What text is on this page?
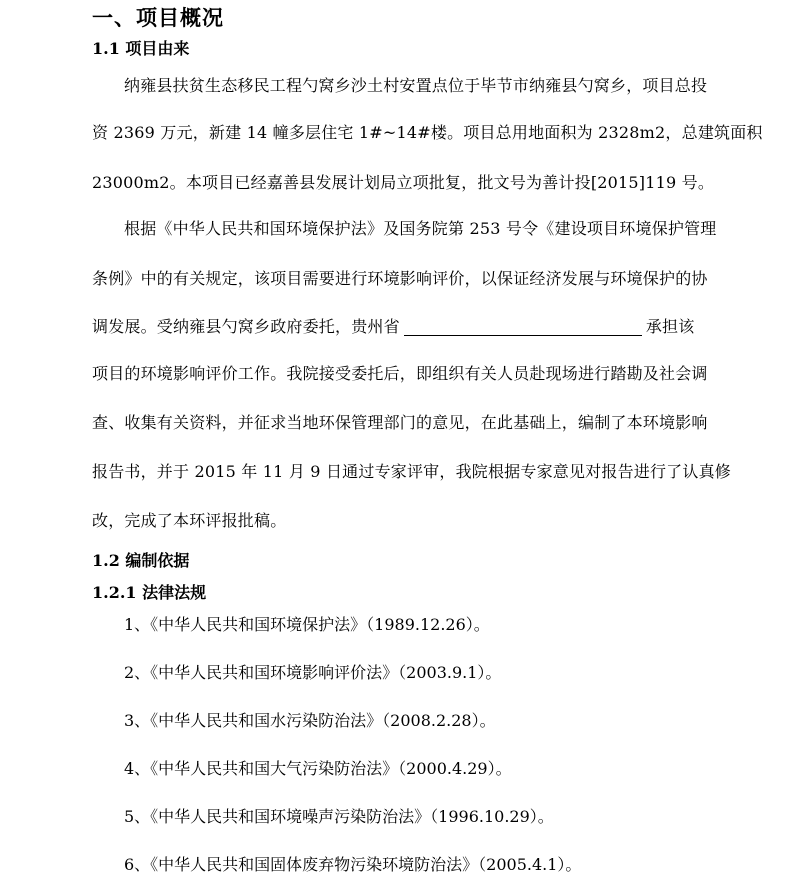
一、项目概况
1.1 项目由来
纳雍县扶贫生态移民工程勺窝乡沙土村安置点位于毕节市纳雍县勺窝乡，项目总投
资 2369 万元，新建 14 幢多层住宅 1#~14#楼。项目总用地面积为 2328m2，总建筑面积
23000m2。本项目已经嘉善县发展计划局立项批复，批文号为善计投[2015]119 号。
根据《中华人民共和国环境保护法》及国务院第 253 号令《建设项目环境保护管理
条例》中的有关规定，该项目需要进行环境影响评价，以保证经济发展与环境保护的协
调发展。受纳雍县勺窝乡政府委托，贵州省	承担该
项目的环境影响评价工作。我院接受委托后，即组织有关人员赴现场进行踏勘及社会调
查、收集有关资料，并征求当地环保管理部门的意见，在此基础上，编制了本环境影响
报告书，并于 2015 年 11 月 9 日通过专家评审，我院根据专家意见对报告进行了认真修
改，完成了本环评报批稿。
1.2 编制依据
1.2.1 法律法规
1、《中华人民共和国环境保护法》（1989.12.26）。
2、《中华人民共和国环境影响评价法》（2003.9.1）。
3、《中华人民共和国水污染防治法》（2008.2.28）。
4、《中华人民共和国大气污染防治法》（2000.4.29）。
5、《中华人民共和国环境噪声污染防治法》（1996.10.29）。
6、《中华人民共和国固体废弃物污染环境防治法》（2005.4.1）。
